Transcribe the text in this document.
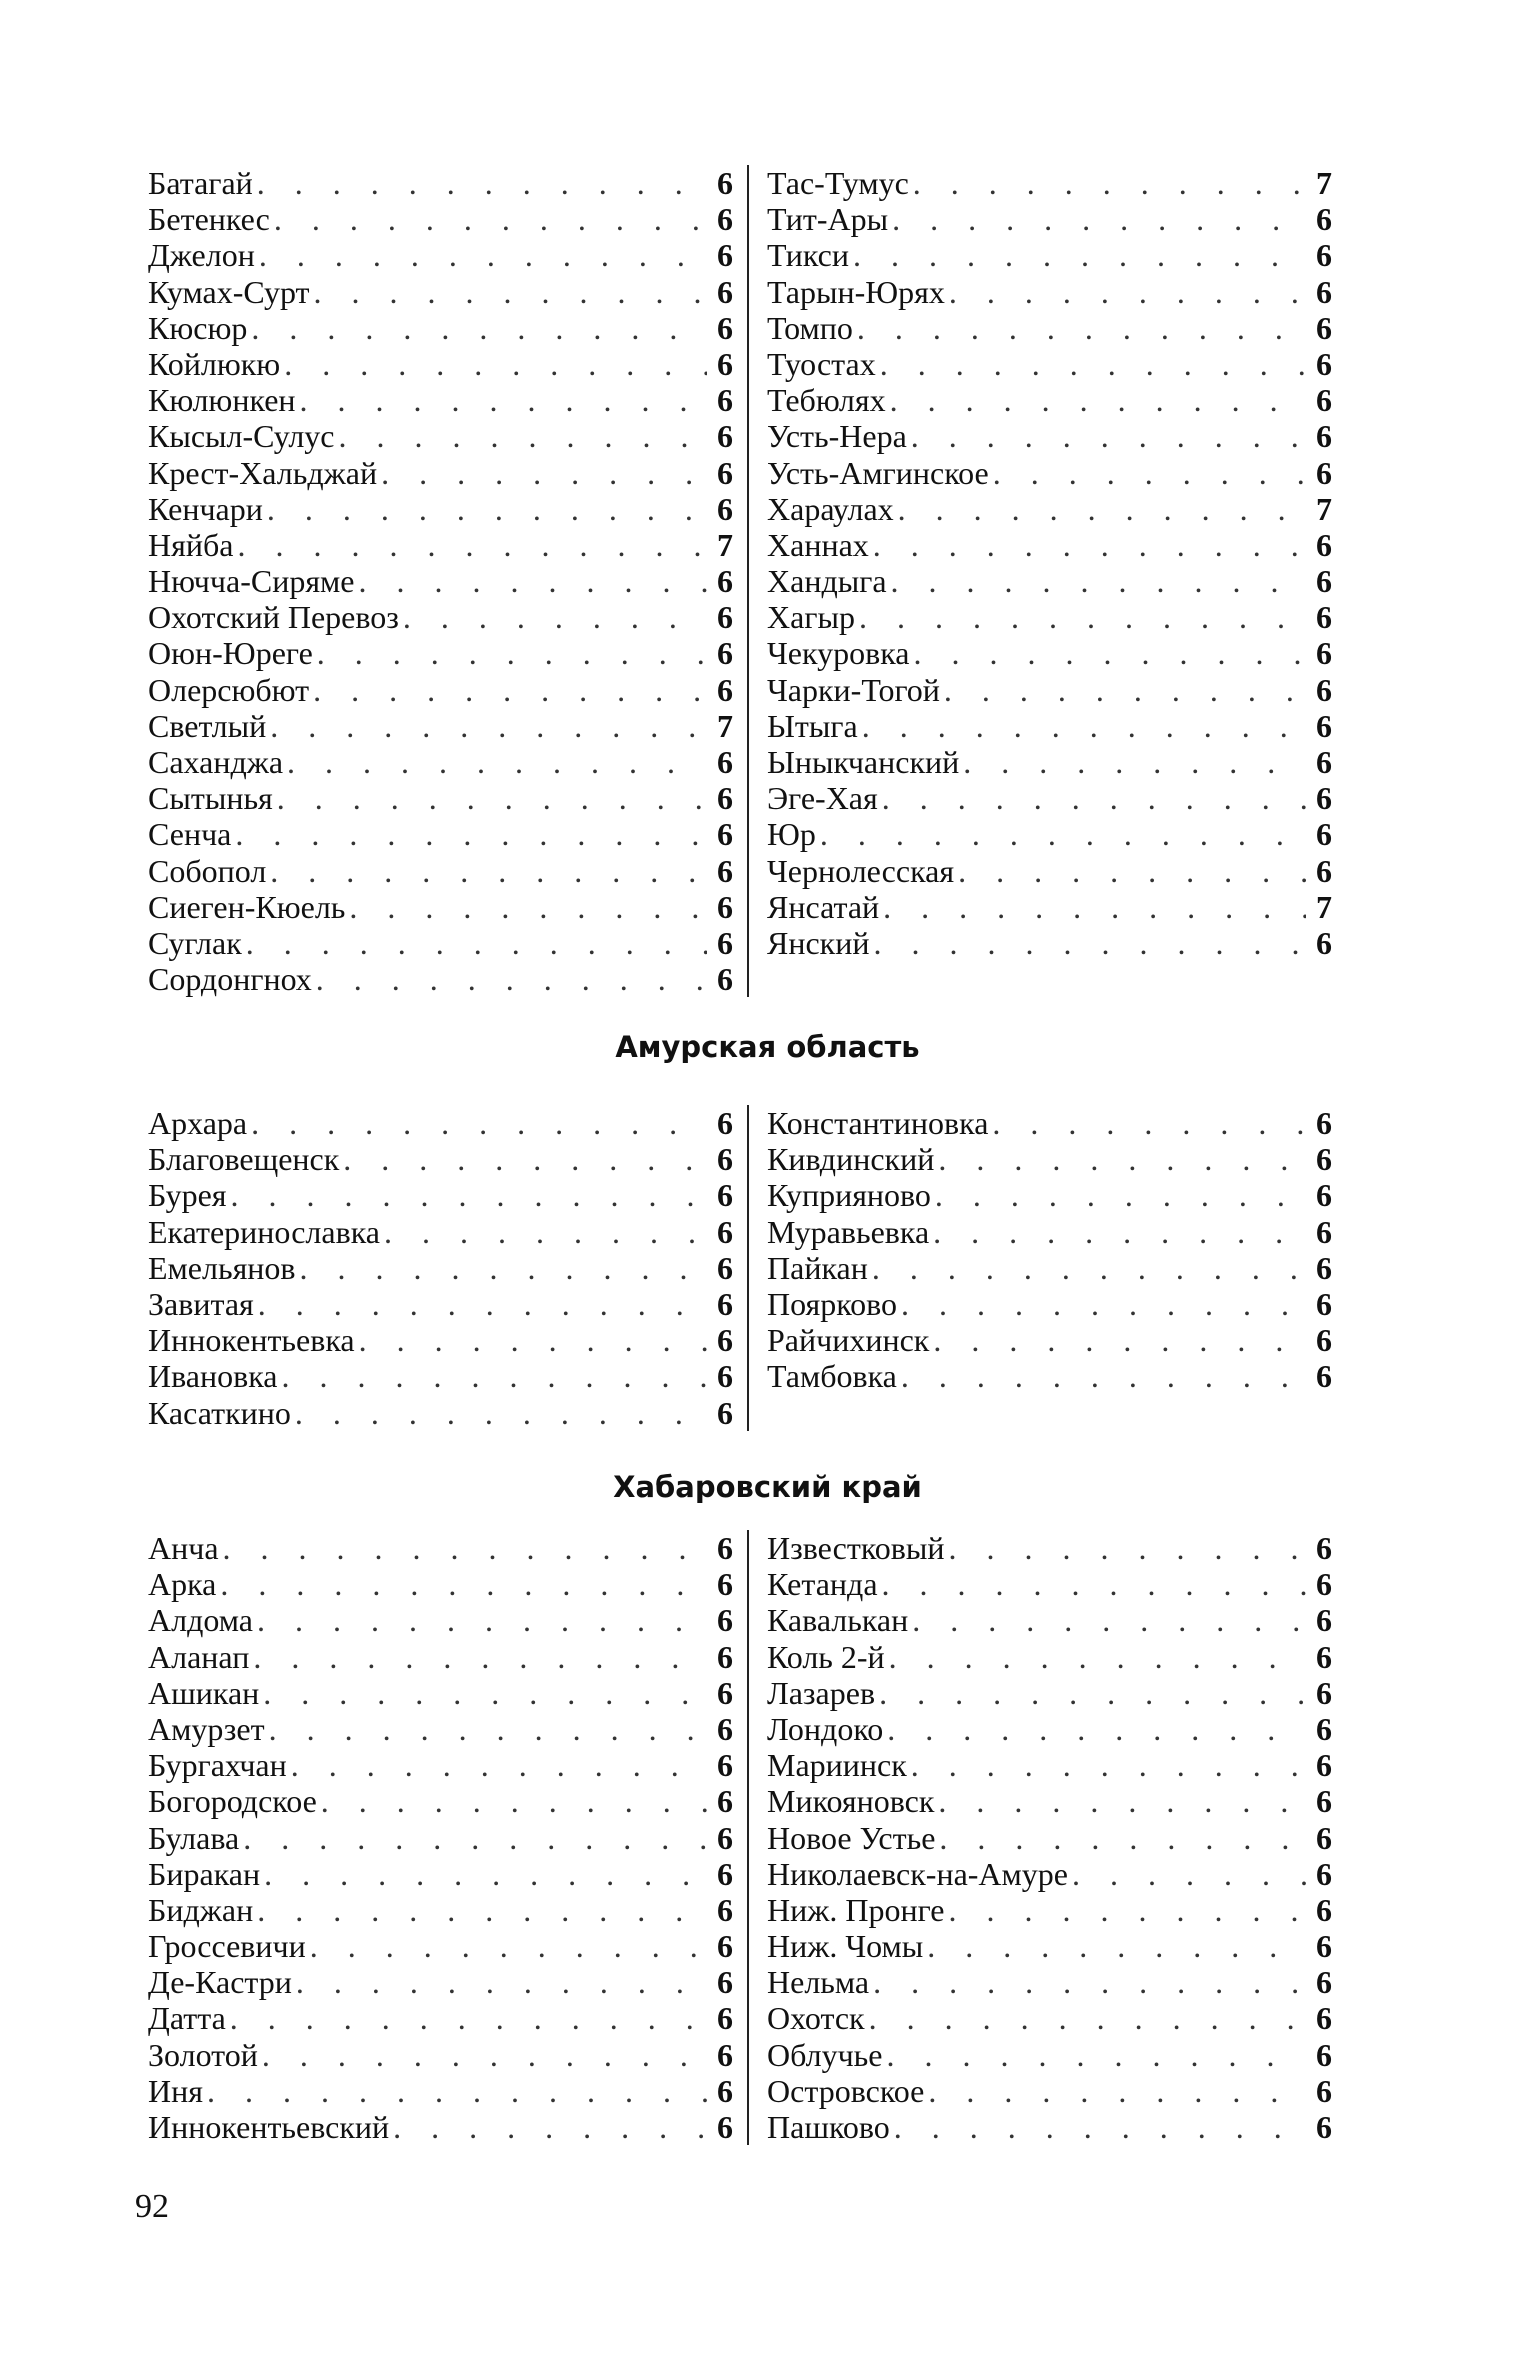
Батагай . . .	6
Бетенкес . . .	6
Джелон . . .	6
Кумах-Сурт . . .	6
Кюсюр . . .	6
Койлюкю . . .	6
Кюлюнкен . . .	6
Кысыл-Сулус . . .	6
Крест-Хальджай . . .	6
Кенчари . . .	6
Няйба . . .	7
Нючча-Сиряме . . .	6
Охотский Перевоз . . .	6
Оюн-Юреге . . .	6
Олерсюбют . . .	6
Светлый . . .	7
Саханджа . . .	6
Сытынья . . .	6
Сенча . . .	6
Собопол . . .	6
Сиеген-Кюель . . .	6
Суглак . . .	6
Сордонгнох . . .	6
Тас-Тумус . . .	7
Тит-Ары . . .	6
Тикси . . .	6
Тарын-Юрях . . .	6
Томпо . . .	6
Туостах . . .	6
Тебюлях . . .	6
Усть-Нера . . .	6
Усть-Амгинское . . .	6
Хараулах . . .	7
Ханнах . . .	6
Хандыга . . .	6
Хагыр . . .	6
Чекуровка . . .	6
Чарки-Тогой . . .	6
Ытыга . . .	6
Ыныкчанский . . .	6
Эге-Хая . . .	6
Юр . . .	6
Чернолесская . . .	6
Янсатай . . .	7
Янский . . .	6
Амурская область
Архара . . .	6
Благовещенск . . .	6
Бурея . . .	6
Екатеринославка . . .	6
Емельянов . . .	6
Завитая . . .	6
Иннокентьевка . . .	6
Ивановка . . .	6
Касаткино . . .	6
Константиновка . . .	6
Кивдинский . . .	6
Куприяново . . .	6
Муравьевка . . .	6
Пайкан . . .	6
Поярково . . .	6
Райчихинск . . .	6
Тамбовка . . .	6
Хабаровский край
Анча . . .	6
Арка . . .	6
Алдома . . .	6
Аланап . . .	6
Ашикан . . .	6
Амурзет . . .	6
Бургахчан . . .	6
Богородское . . .	6
Булава . . .	6
Биракан . . .	6
Биджан . . .	6
Гроссевичи . . .	6
Де-Кастри . . .	6
Датта . . .	6
Золотой . . .	6
Иня . . .	6
Иннокентьевский . . .	6
Известковый . . .	6
Кетанда . . .	6
Кавалькан . . .	6
Коль 2-й . . .	6
Лазарев . . .	6
Лондоко . . .	6
Мариинск . . .	6
Микояновск . . .	6
Новое Устье . . .	6
Николаевск-на-Амуре . . .	6
Ниж. Пронге . . .	6
Ниж. Чомы . . .	6
Нельма . . .	6
Охотск . . .	6
Облучье . . .	6
Островское . . .	6
Пашково . . .	6
92
